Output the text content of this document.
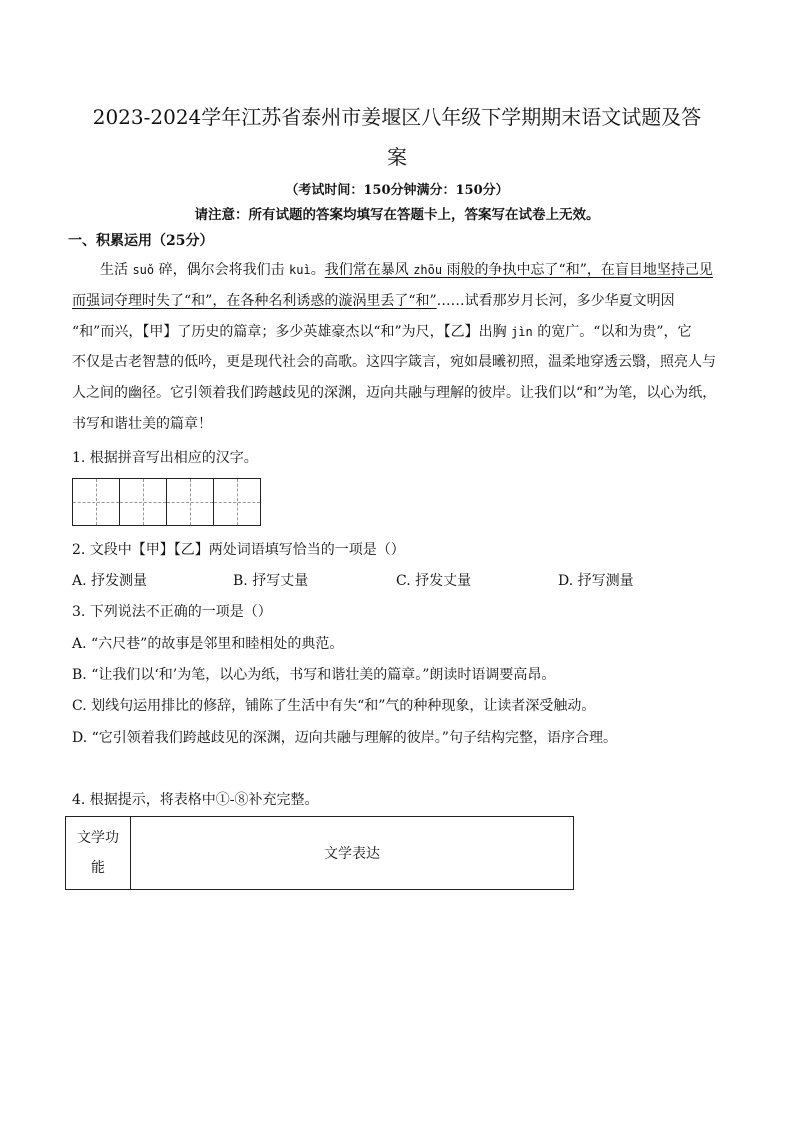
2023-2024学年江苏省泰州市姜堰区八年级下学期期末语文试题及答
案
（考试时间：150分钟满分：150分）
请注意：所有试题的答案均填写在答题卡上，答案写在试卷上无效。
一、积累运用（25分）
生活 suǒ 碎，偶尔会将我们击 kuì。我们常在暴风 zhōu 雨般的争执中忘了“和”，在盲目地坚持己见
而强词夺理时失了“和”，在各种名利诱惑的漩涡里丢了“和”……试看那岁月长河，多少华夏文明因
“和”而兴，【甲】了历史的篇章；多少英雄豪杰以“和”为尺，【乙】出胸 jìn 的宽广。“以和为贵”，它
不仅是古老智慧的低吟，更是现代社会的高歌。这四字箴言，宛如晨曦初照，温柔地穿透云翳，照亮人与
人之间的幽径。它引领着我们跨越歧见的深渊，迈向共融与理解的彼岸。让我们以“和”为笔，以心为纸，
书写和谐壮美的篇章！
1. 根据拼音写出相应的汉字。
2. 文段中【甲】【乙】两处词语填写恰当的一项是（）
A. 抒发测量	B. 抒写丈量	C. 抒发丈量	D. 抒写测量
3. 下列说法不正确的一项是（）
A. “六尺巷”的故事是邻里和睦相处的典范。
B. “让我们以‘和’为笔，以心为纸，书写和谐壮美的篇章。”朗读时语调要高昂。
C. 划线句运用排比的修辞，铺陈了生活中有失“和”气的种种现象，让读者深受触动。
D. “它引领着我们跨越歧见的深渊，迈向共融与理解的彼岸。”句子结构完整，语序合理。
4. 根据提示，将表格中①-⑧补充完整。
文学功
能	文学表达
